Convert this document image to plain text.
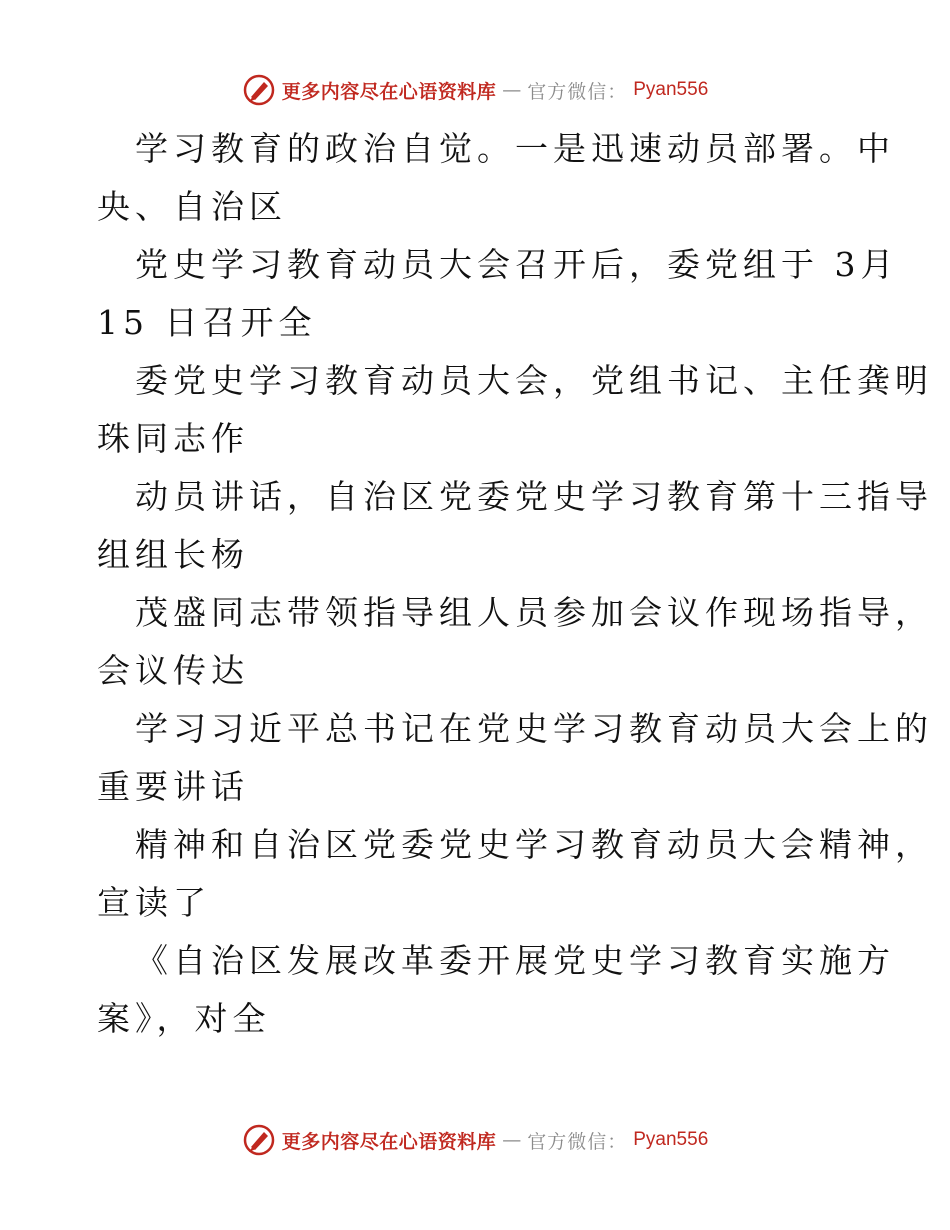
更多内容尽在心语资料库 — 官方微信： Pyan556

学习教育的政治自觉。一是迅速动员部署。中

央、自治区

党史学习教育动员大会召开后，委党组于 3月

15 日召开全

委党史学习教育动员大会，党组书记、主任龚明

珠同志作

动员讲话，自治区党委党史学习教育第十三指导

组组长杨

茂盛同志带领指导组人员参加会议作现场指导，

会议传达

学习习近平总书记在党史学习教育动员大会上的

重要讲话

精神和自治区党委党史学习教育动员大会精神，

宣读了

《自治区发展改革委开展党史学习教育实施方

案》，对全

更多内容尽在心语资料库 — 官方微信： Pyan556
